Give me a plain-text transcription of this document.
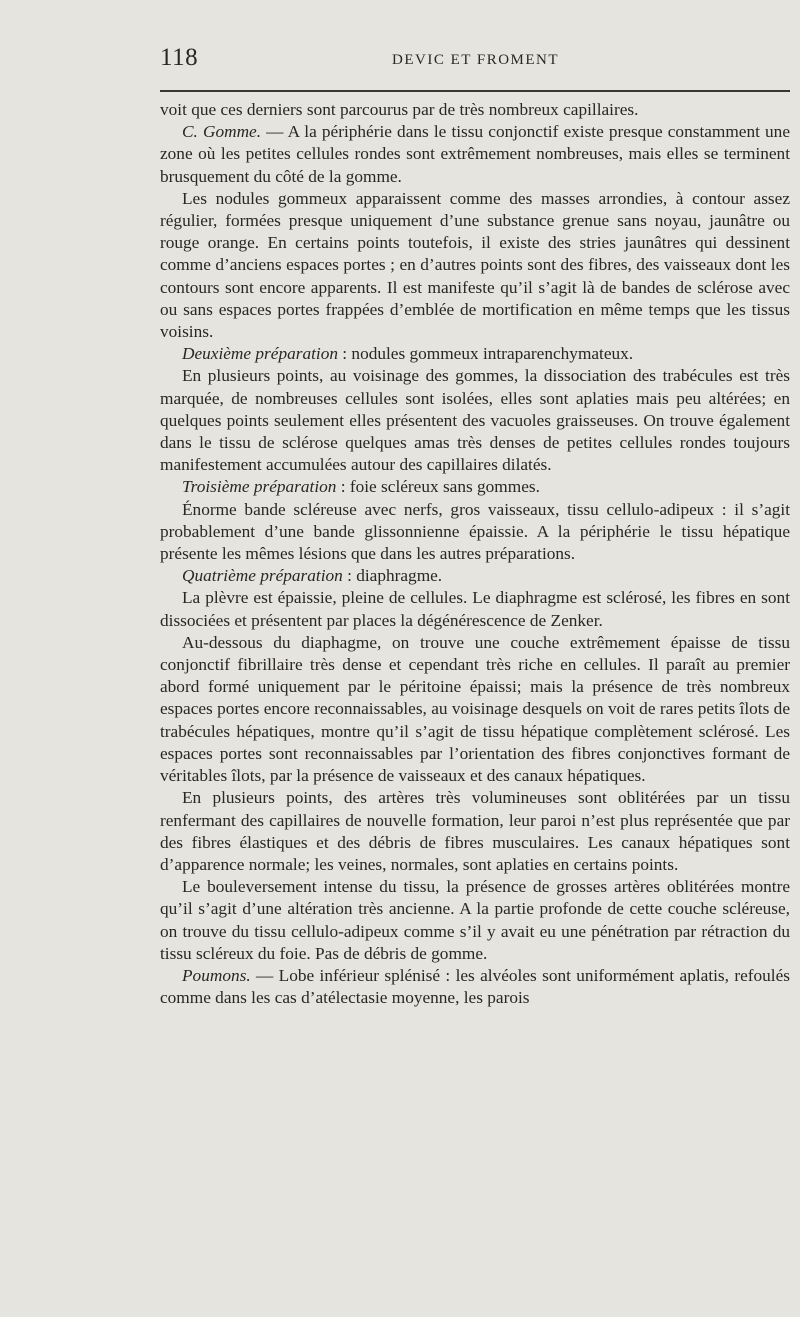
118	DEVIC ET FROMENT

voit que ces derniers sont parcourus par de très nombreux capillaires.

C. Gomme. — A la périphérie dans le tissu conjonctif existe presque constamment une zone où les petites cellules rondes sont extrêmement nombreuses, mais elles se terminent brusquement du côté de la gomme.

Les nodules gommeux apparaissent comme des masses arrondies, à contour assez régulier, formées presque uniquement d’une substance grenue sans noyau, jaunâtre ou rouge orange. En certains points toutefois, il existe des stries jaunâtres qui dessinent comme d’anciens espaces portes ; en d’autres points sont des fibres, des vaisseaux dont les contours sont encore apparents. Il est manifeste qu’il s’agit là de bandes de sclérose avec ou sans espaces portes frappées d’emblée de mortification en même temps que les tissus voisins.

Deuxième préparation : nodules gommeux intraparenchymateux.

En plusieurs points, au voisinage des gommes, la dissociation des trabécules est très marquée, de nombreuses cellules sont isolées, elles sont aplaties mais peu altérées; en quelques points seulement elles présentent des vacuoles graisseuses. On trouve également dans le tissu de sclérose quelques amas très denses de petites cellules rondes toujours manifestement accumulées autour des capillaires dilatés.

Troisième préparation : foie scléreux sans gommes.

Énorme bande scléreuse avec nerfs, gros vaisseaux, tissu cellulo-adipeux : il s’agit probablement d’une bande glissonnienne épaissie. A la périphérie le tissu hépatique présente les mêmes lésions que dans les autres préparations.

Quatrième préparation : diaphragme.

La plèvre est épaissie, pleine de cellules. Le diaphragme est sclérosé, les fibres en sont dissociées et présentent par places la dégénérescence de Zenker.

Au-dessous du diaphagme, on trouve une couche extrêmement épaisse de tissu conjonctif fibrillaire très dense et cependant très riche en cellules. Il paraît au premier abord formé uniquement par le péritoine épaissi; mais la présence de très nombreux espaces portes encore reconnaissables, au voisinage desquels on voit de rares petits îlots de trabécules hépatiques, montre qu’il s’agit de tissu hépatique complètement sclérosé. Les espaces portes sont reconnaissables par l’orientation des fibres conjonctives formant de véritables îlots, par la présence de vaisseaux et des canaux hépatiques.

En plusieurs points, des artères très volumineuses sont oblitérées par un tissu renfermant des capillaires de nouvelle formation, leur paroi n’est plus représentée que par des fibres élastiques et des débris de fibres musculaires. Les canaux hépatiques sont d’apparence normale; les veines, normales, sont aplaties en certains points.

Le bouleversement intense du tissu, la présence de grosses artères oblitérées montre qu’il s’agit d’une altération très ancienne. A la partie profonde de cette couche scléreuse, on trouve du tissu cellulo-adipeux comme s’il y avait eu une pénétration par rétraction du tissu scléreux du foie. Pas de débris de gomme.

Poumons. — Lobe inférieur splénisé : les alvéoles sont uniformément aplatis, refoulés comme dans les cas d’atélectasie moyenne, les parois
